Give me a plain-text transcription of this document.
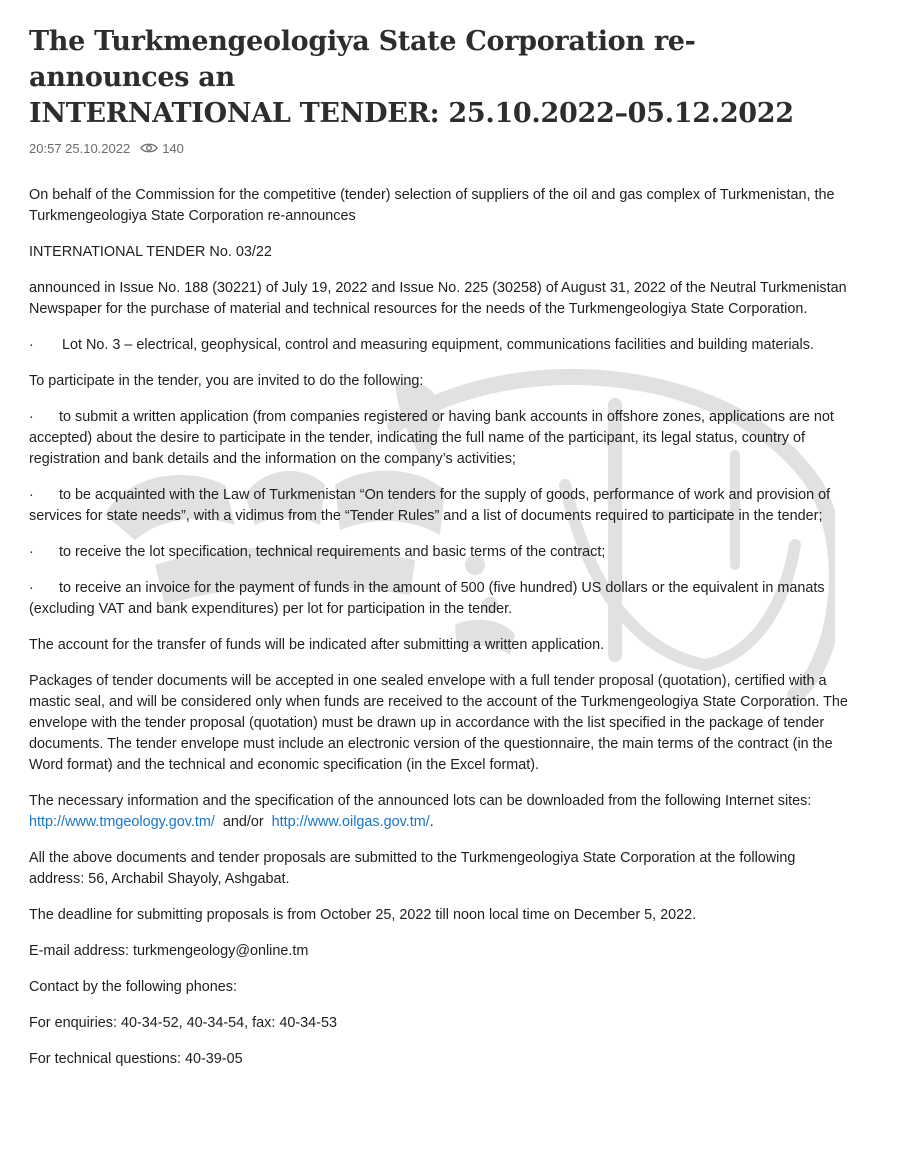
The Turkmengeologiya State Corporation re-announces an
INTERNATIONAL TENDER: 25.10.2022–05.12.2022
20:57 25.10.2022 140

On behalf of the Commission for the competitive (tender) selection of suppliers of the oil and gas complex of Turkmenistan, the Turkmengeologiya State Corporation re-announces

INTERNATIONAL TENDER No. 03/22

announced in Issue No. 188 (30221) of July 19, 2022 and Issue No. 225 (30258) of August 31, 2022 of the Neutral Turkmenistan Newspaper for the purchase of material and technical resources for the needs of the Turkmengeologiya State Corporation.

· Lot No. 3 – electrical, geophysical, control and measuring equipment, communications facilities and building materials.

To participate in the tender, you are invited to do the following:

· to submit a written application (from companies registered or having bank accounts in offshore zones, applications are not accepted) about the desire to participate in the tender, indicating the full name of the participant, its legal status, country of registration and bank details and the information on the company’s activities;

· to be acquainted with the Law of Turkmenistan “On tenders for the supply of goods, performance of work and provision of services for state needs”, with a vidimus from the “Tender Rules” and a list of documents required to participate in the tender;

· to receive the lot specification, technical requirements and basic terms of the contract;

· to receive an invoice for the payment of funds in the amount of 500 (five hundred) US dollars or the equivalent in manats (excluding VAT and bank expenditures) per lot for participation in the tender.

The account for the transfer of funds will be indicated after submitting a written application.

Packages of tender documents will be accepted in one sealed envelope with a full tender proposal (quotation), certified with a mastic seal, and will be considered only when funds are received to the account of the Turkmengeologiya State Corporation. The envelope with the tender proposal (quotation) must be drawn up in accordance with the list specified in the package of tender documents. The tender envelope must include an electronic version of the questionnaire, the main terms of the contract (in the Word format) and the technical and economic specification (in the Excel format).

The necessary information and the specification of the announced lots can be downloaded from the following Internet sites: http://www.tmgeology.gov.tm/ and/or http://www.oilgas.gov.tm/.

All the above documents and tender proposals are submitted to the Turkmengeologiya State Corporation at the following address: 56, Archabil Shayoly, Ashgabat.

The deadline for submitting proposals is from October 25, 2022 till noon local time on December 5, 2022.

E-mail address: turkmengeology@online.tm

Contact by the following phones:

For enquiries: 40-34-52, 40-34-54, fax: 40-34-53

For technical questions: 40-39-05
